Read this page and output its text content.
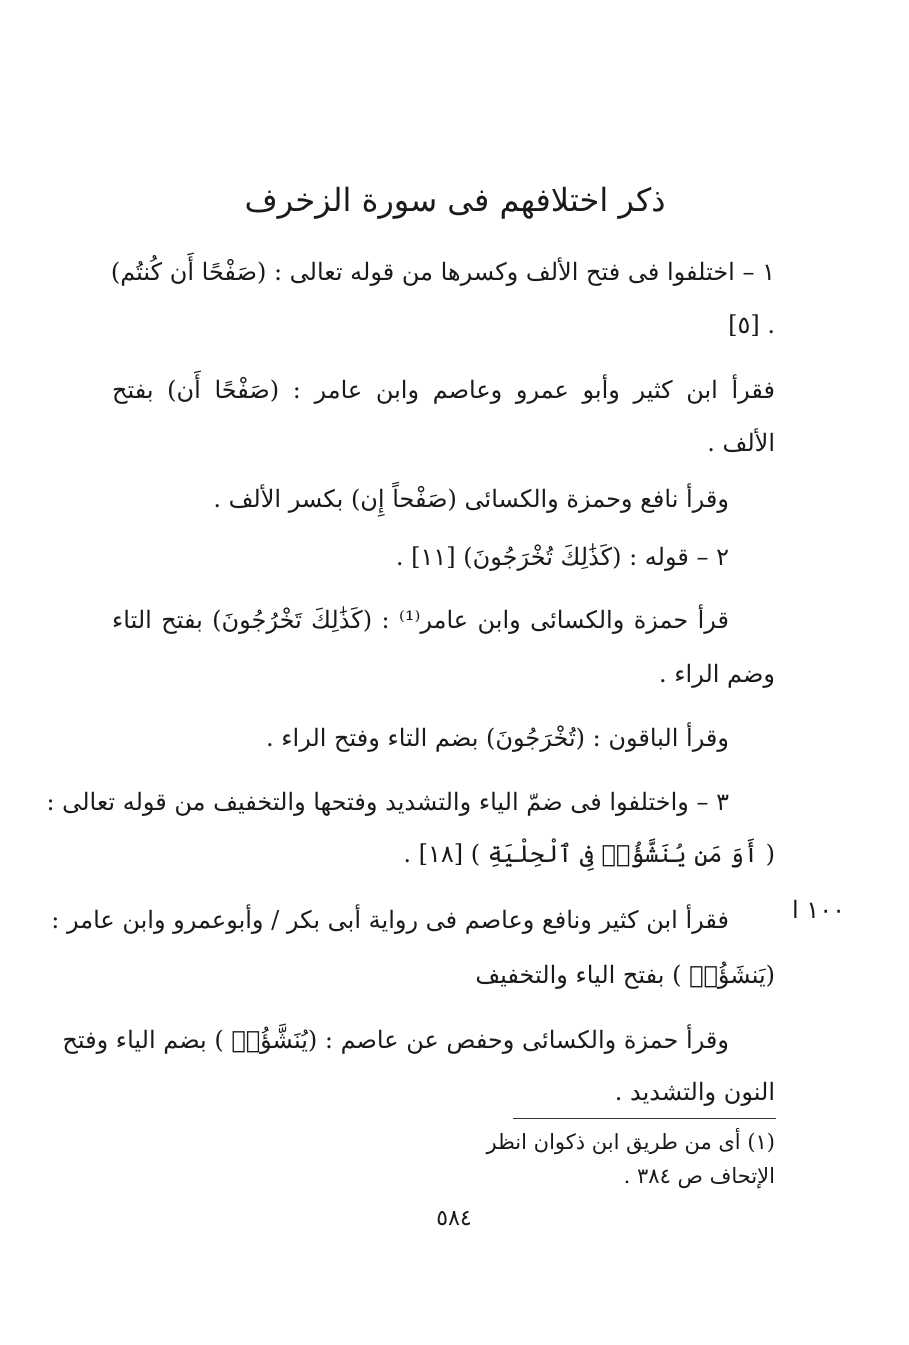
ذكر اختلافهم فى سورة الزخرف
١ – اختلفوا فى فتح الألف وكسرها من قوله تعالى : (صَفْحًا أَن كُنتُم)
. [٥]
فقرأ ابن كثير وأبو عمرو وعاصم وابن عامر : (صَفْحًا أَن) بفتح
الألف .
وقرأ نافع وحمزة والكسائى (صَفْحاً إِن) بكسر الألف .
٢ – قوله : (كَذَٰلِكَ تُخْرَجُونَ) [١١] .
قرأ حمزة والكسائى وابن عامر⁽¹⁾ : (كَذَٰلِكَ تَخْرُجُونَ) بفتح التاء
وضم الراء .
وقرأ الباقون : (تُخْرَجُونَ) بضم التاء وفتح الراء .
٣ – واختلفوا فى ضمّ الياء والتشديد وفتحها والتخفيف من قوله تعالى :
( أَوَ مَن يُنَشَّؤُا۟ فِى ٱلْحِلْيَةِ ) [١٨] .
فقرأ ابن كثير ونافع وعاصم فى رواية أبى بكر / وأبوعمرو وابن عامر :
(يَنشَؤُا۟ ) بفتح الياء والتخفيف
وقرأ حمزة والكسائى وحفص عن عاصم : (يُنَشَّؤُا۟ ) بضم الياء وفتح
النون والتشديد .
١٠٠ ا
(١) أى من طريق ابن ذكوان انظر
الإتحاف ص ٣٨٤ .
٥٨٤
